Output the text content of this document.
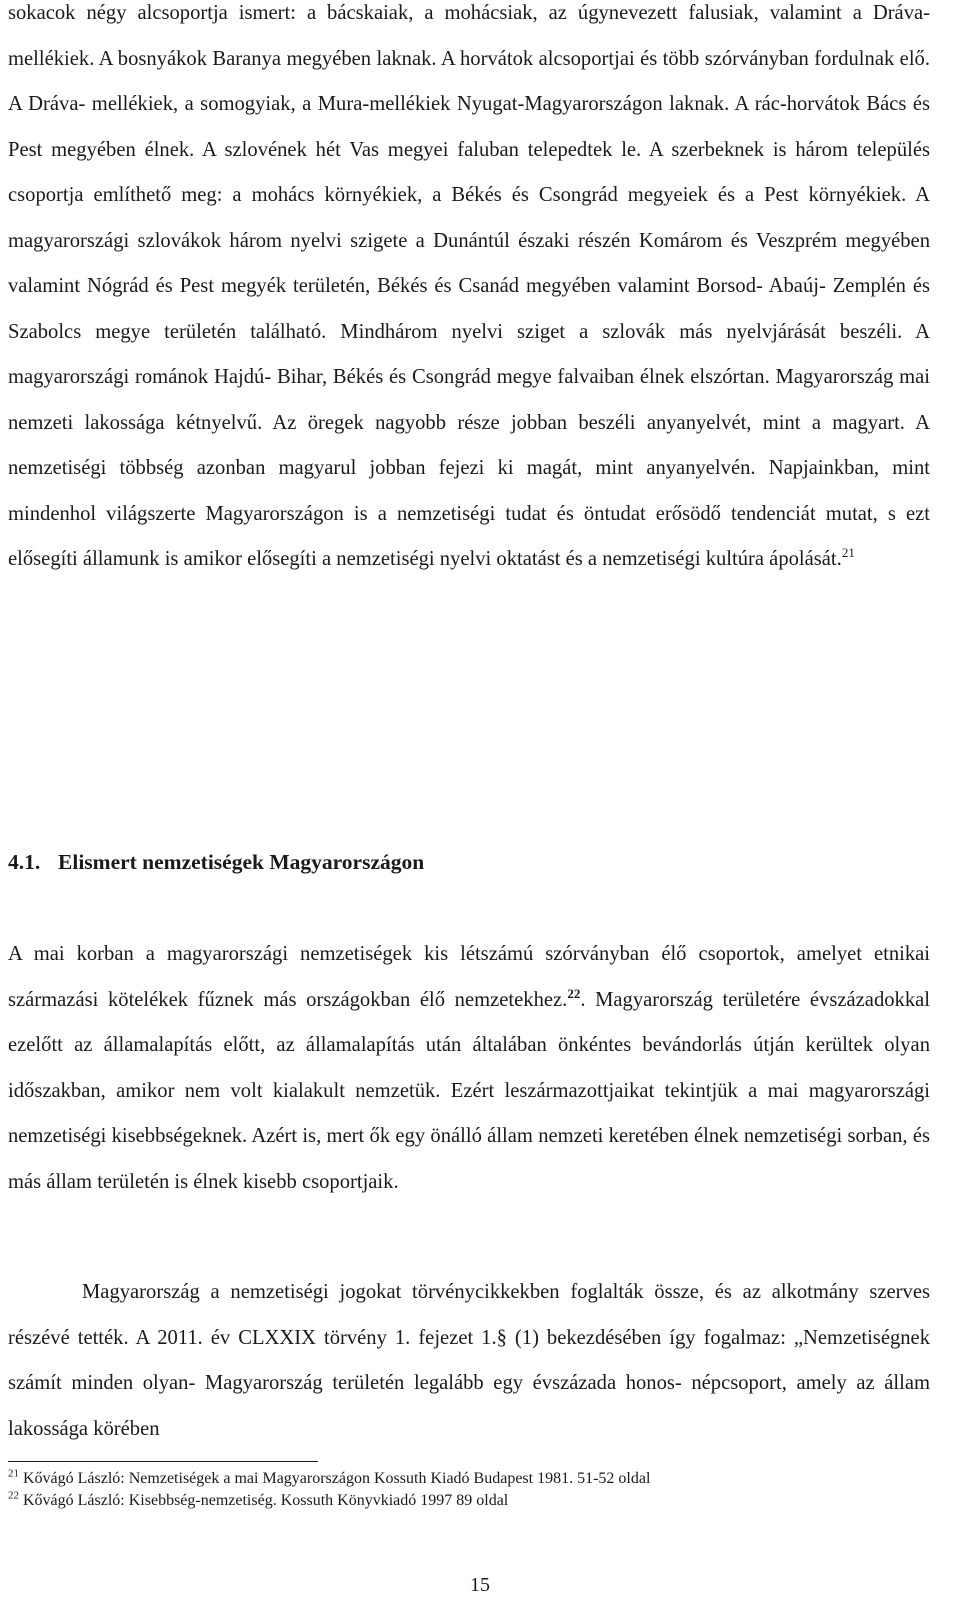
sokacok négy alcsoportja ismert: a bácskaiak, a mohácsiak, az úgynevezett falusiak, valamint a Dráva-mellékiek. A bosnyákok Baranya megyében laknak. A horvátok alcsoportjai és több szórványban fordulnak elő. A Dráva- mellékiek, a somogyiak, a Mura-mellékiek Nyugat-Magyarországon laknak. A rác-horvátok Bács és Pest megyében élnek. A szlovének hét Vas megyei faluban telepedtek le. A szerbeknek is három település csoportja említhető meg: a mohács környékiek, a Békés és Csongrád megyeiek és a Pest környékiek. A magyarországi szlovákok három nyelvi szigete a Dunántúl északi részén Komárom és Veszprém megyében valamint Nógrád és Pest megyék területén, Békés és Csanád megyében valamint Borsod- Abaúj- Zemplén és Szabolcs megye területén található. Mindhárom nyelvi sziget a szlovák más nyelvjárását beszéli. A magyarországi románok Hajdú- Bihar, Békés és Csongrád megye falvaiban élnek elszórtan. Magyarország mai nemzeti lakossága kétnyelvű. Az öregek nagyobb része jobban beszéli anyanyelvét, mint a magyart. A nemzetiségi többség azonban magyarul jobban fejezi ki magát, mint anyanyelvén. Napjainkban, mint mindenhol világszerte Magyarországon is a nemzetiségi tudat és öntudat erősödő tendenciát mutat, s ezt elősegíti államunk is amikor elősegíti a nemzetiségi nyelvi oktatást és a nemzetiségi kultúra ápolását.$^{21}$

4.1. Elismert nemzetiségek Magyarországon

A mai korban a magyarországi nemzetiségek kis létszámú szórványban élő csoportok, amelyet etnikai származási kötelékek fűznek más országokban élő nemzetekhez.$^{22}$. Magyarország területére évszázadokkal ezelőtt az államalapítás előtt, az államalapítás után általában önkéntes bevándorlás útján kerültek olyan időszakban, amikor nem volt kialakult nemzetük. Ezért leszármazottjaikat tekintjük a mai magyarországi nemzetiségi kisebbségeknek. Azért is, mert ők egy önálló állam nemzeti keretében élnek nemzetiségi sorban, és más állam területén is élnek kisebb csoportjaik.

Magyarország a nemzetiségi jogokat törvénycikkekben foglalták össze, és az alkotmány szerves részévé tették. A 2011. év CLXXIX törvény 1. fejezet 1.§ (1) bekezdésében így fogalmaz: „Nemzetiségnek számít minden olyan- Magyarország területén legalább egy évszázada honos- népcsoport, amely az állam lakossága körében

$^{21}$ Kővágó László: Nemzetiségek a mai Magyarországon Kossuth Kiadó Budapest 1981. 51-52 oldal

$^{22}$ Kővágó László: Kisebbség-nemzetiség. Kossuth Könyvkiadó 1997 89 oldal

15
